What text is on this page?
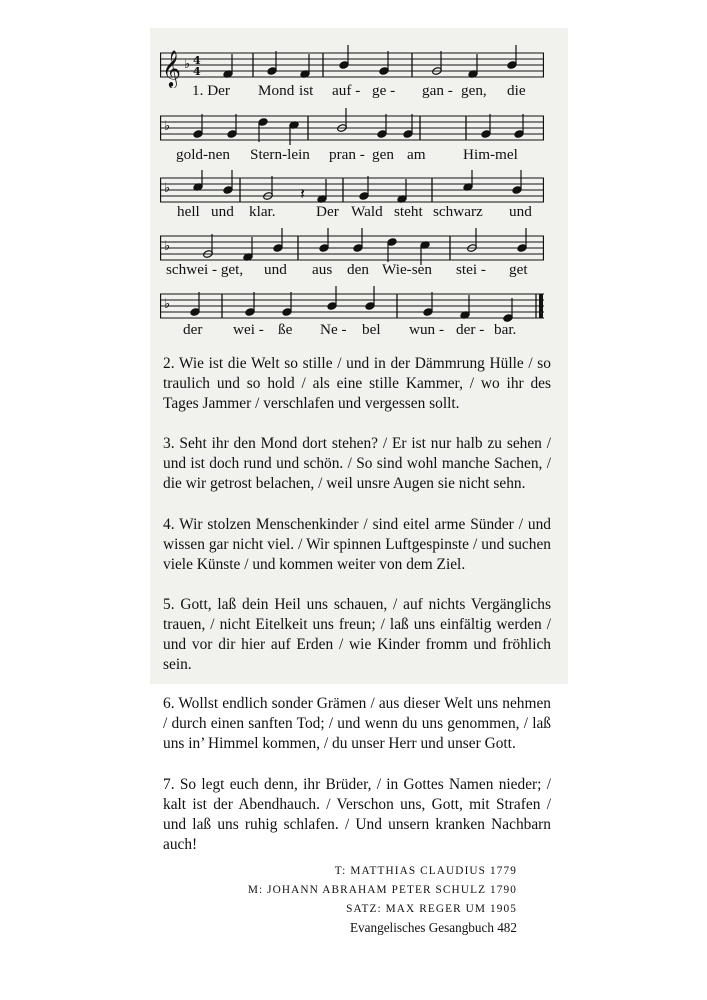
𝄞 ♭ 4
4
1. Der Mond ist auf - ge - gan - gen, die
♭
gold-nen Stern-lein pran - gen am Him-mel
♭	𝄽
hell und klar.	Der Wald steht schwarz und
♭
schwei - get, und aus den Wie-sen stei - get
♭
der wei - ße Ne - bel wun - der - bar.
2. Wie ist die Welt so stille / und in der Dämmrung Hülle / so traulich und so hold / als eine stille Kammer, / wo ihr des Tages Jammer / verschlafen und vergessen sollt.
3. Seht ihr den Mond dort stehen? / Er ist nur halb zu sehen / und ist doch rund und schön. / So sind wohl manche Sachen, / die wir getrost belachen, / weil unsre Augen sie nicht sehn.
4. Wir stolzen Menschenkinder / sind eitel arme Sünder / und wissen gar nicht viel. / Wir spinnen Luftgespinste / und suchen viele Künste / und kommen weiter von dem Ziel.
5. Gott, laß dein Heil uns schauen, / auf nichts Vergänglichs trauen, / nicht Eitelkeit uns freun; / laß uns einfältig werden / und vor dir hier auf Erden / wie Kinder fromm und fröhlich sein.
6. Wollst endlich sonder Grämen / aus dieser Welt uns nehmen / durch einen sanften Tod; / und wenn du uns genommen, / laß uns in’ Himmel kommen, / du unser Herr und unser Gott.
7. So legt euch denn, ihr Brüder, / in Gottes Namen nieder; / kalt ist der Abendhauch. / Verschon uns, Gott, mit Strafen / und laß uns ruhig schlafen. / Und unsern kranken Nachbarn auch!
T: MATTHIAS CLAUDIUS 1779
M: JOHANN ABRAHAM PETER SCHULZ 1790
SATZ: MAX REGER UM 1905
Evangelisches Gesangbuch 482
